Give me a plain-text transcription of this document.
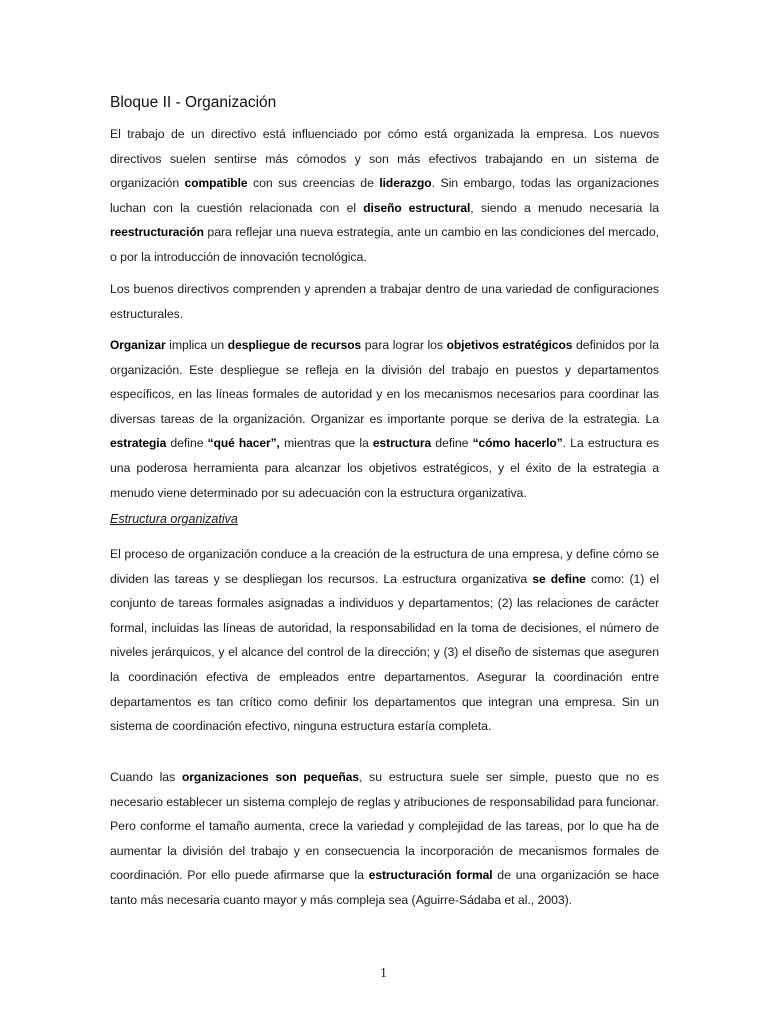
Bloque II - Organización

El trabajo de un directivo está influenciado por cómo está organizada la empresa. Los nuevos directivos suelen sentirse más cómodos y son más efectivos trabajando en un sistema de organización compatible con sus creencias de liderazgo. Sin embargo, todas las organizaciones luchan con la cuestión relacionada con el diseño estructural, siendo a menudo necesaria la reestructuración para reflejar una nueva estrategia, ante un cambio en las condiciones del mercado, o por la introducción de innovación tecnológica.

Los buenos directivos comprenden y aprenden a trabajar dentro de una variedad de configuraciones estructurales.

Organizar implica un despliegue de recursos para lograr los objetivos estratégicos definidos por la organización. Este despliegue se refleja en la división del trabajo en puestos y departamentos específicos, en las líneas formales de autoridad y en los mecanismos necesarios para coordinar las diversas tareas de la organización. Organizar es importante porque se deriva de la estrategia. La estrategia define “qué hacer”, mientras que la estructura define “cómo hacerlo”. La estructura es una poderosa herramienta para alcanzar los objetivos estratégicos, y el éxito de la estrategia a menudo viene determinado por su adecuación con la estructura organizativa.

Estructura organizativa

El proceso de organización conduce a la creación de la estructura de una empresa, y define cómo se dividen las tareas y se despliegan los recursos. La estructura organizativa se define como: (1) el conjunto de tareas formales asignadas a individuos y departamentos; (2) las relaciones de carácter formal, incluidas las líneas de autoridad, la responsabilidad en la toma de decisiones, el número de niveles jerárquicos, y el alcance del control de la dirección; y (3) el diseño de sistemas que aseguren la coordinación efectiva de empleados entre departamentos. Asegurar la coordinación entre departamentos es tan crítico como definir los departamentos que integran una empresa. Sin un sistema de coordinación efectivo, ninguna estructura estaría completa.

Cuando las organizaciones son pequeñas, su estructura suele ser simple, puesto que no es necesario establecer un sistema complejo de reglas y atribuciones de responsabilidad para funcionar. Pero conforme el tamaño aumenta, crece la variedad y complejidad de las tareas, por lo que ha de aumentar la división del trabajo y en consecuencia la incorporación de mecanismos formales de coordinación. Por ello puede afirmarse que la estructuración formal de una organización se hace tanto más necesaria cuanto mayor y más compleja sea (Aguirre-Sádaba et al., 2003).

1
